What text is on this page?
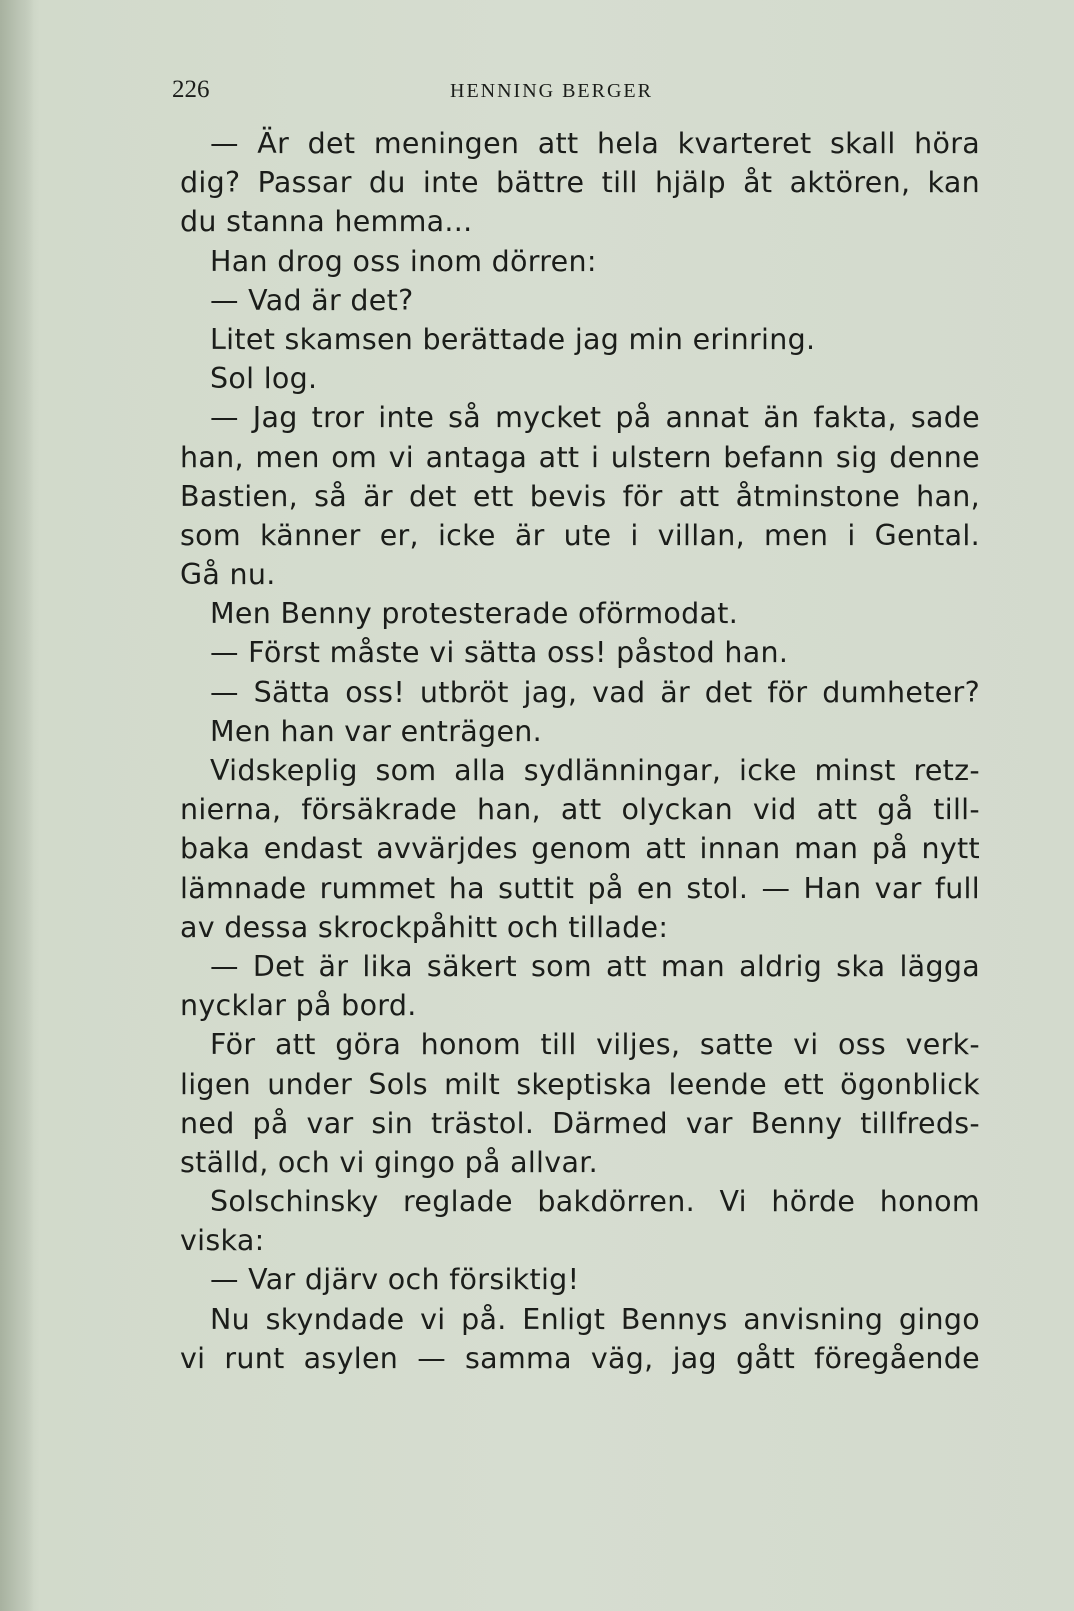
226	HENNING BERGER
— Är det meningen att hela kvarteret skall höra
dig? Passar du inte bättre till hjälp åt aktören, kan
du stanna hemma...
Han drog oss inom dörren:
— Vad är det?
Litet skamsen berättade jag min erinring.
Sol log.
— Jag tror inte så mycket på annat än fakta, sade
han, men om vi antaga att i ulstern befann sig denne
Bastien, så är det ett bevis för att åtminstone han,
som känner er, icke är ute i villan, men i Gental.
Gå nu.
Men Benny protesterade oförmodat.
— Först måste vi sätta oss! påstod han.
— Sätta oss! utbröt jag, vad är det för dumheter?
Men han var enträgen.
Vidskeplig som alla sydlänningar, icke minst retz-
nierna, försäkrade han, att olyckan vid att gå till-
baka endast avvärjdes genom att innan man på nytt
lämnade rummet ha suttit på en stol. — Han var full
av dessa skrockpåhitt och tillade:
— Det är lika säkert som att man aldrig ska lägga
nycklar på bord.
För att göra honom till viljes, satte vi oss verk-
ligen under Sols milt skeptiska leende ett ögonblick
ned på var sin trästol. Därmed var Benny tillfreds-
ställd, och vi gingo på allvar.
Solschinsky reglade bakdörren. Vi hörde honom
viska:
— Var djärv och försiktig!
Nu skyndade vi på. Enligt Bennys anvisning gingo
vi runt asylen — samma väg, jag gått föregående
